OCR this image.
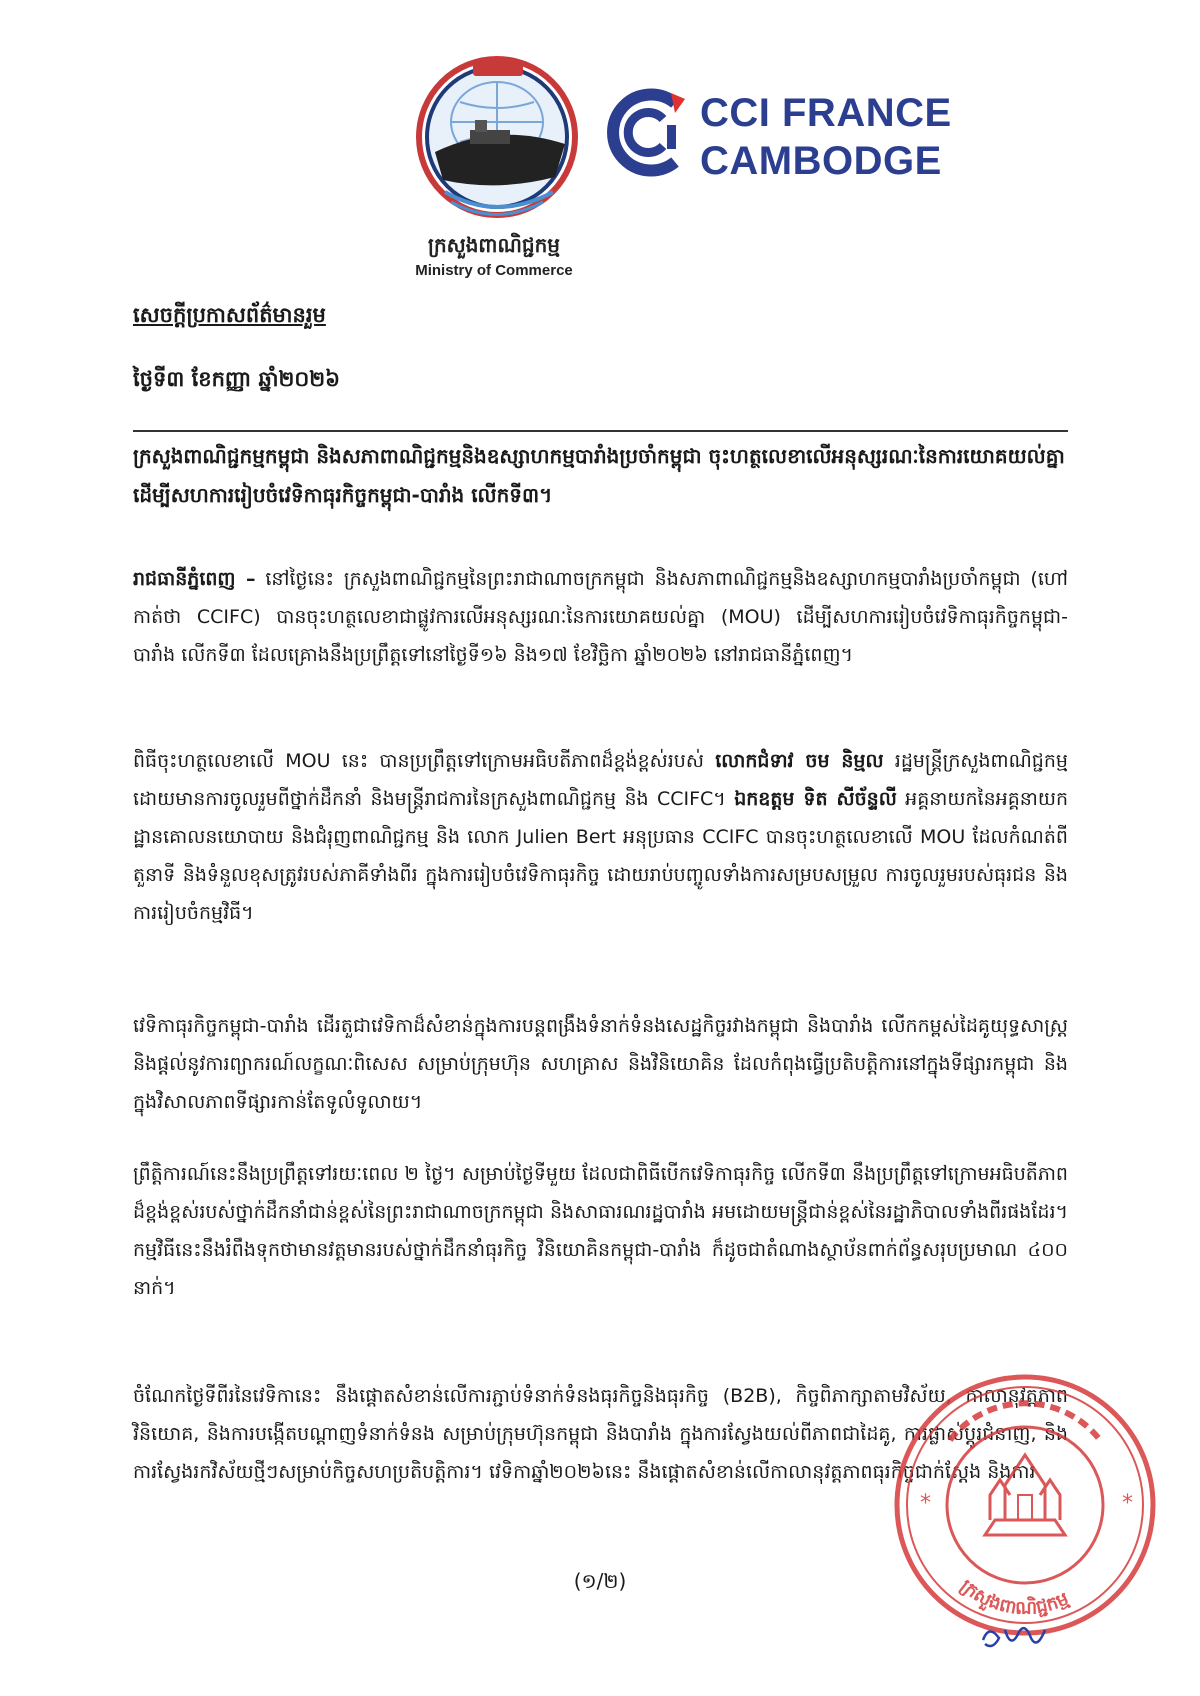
ក្រសួងពាណិជ្ជកម្ម
Ministry of Commerce
CCI FRANCE
CAMBODGE
សេចក្តីប្រកាសព័ត៌មានរួម
ថ្ងៃទី៣ ខែកញ្ញា ឆ្នាំ២០២៦
ក្រសួងពាណិជ្ជកម្មកម្ពុជា និងសភាពាណិជ្ជកម្មនិងឧស្សាហកម្មបារាំងប្រចាំកម្ពុជា ចុះហត្ថលេខាលើអនុស្សរណៈនៃការយោគយល់គ្នា ដើម្បីសហការរៀបចំវេទិកាធុរកិច្ចកម្ពុជា-បារាំង លើកទី៣។
រាជធានីភ្នំពេញ – នៅថ្ងៃនេះ ក្រសួងពាណិជ្ជកម្មនៃព្រះរាជាណាចក្រកម្ពុជា និងសភាពាណិជ្ជកម្មនិងឧស្សាហកម្មបារាំងប្រចាំកម្ពុជា (ហៅកាត់ថា CCIFC) បានចុះហត្ថលេខាជាផ្លូវការលើអនុស្សរណៈនៃការយោគយល់គ្នា (MOU) ដើម្បីសហការរៀបចំវេទិកាធុរកិច្ចកម្ពុជា-បារាំង លើកទី៣ ដែលគ្រោងនឹងប្រព្រឹត្តទៅនៅថ្ងៃទី១៦ និង១៧ ខែវិច្ឆិកា ឆ្នាំ២០២៦ នៅរាជធានីភ្នំពេញ។
ពិធីចុះហត្ថលេខាលើ MOU នេះ បានប្រព្រឹត្តទៅក្រោមអធិបតីភាពដ៏ខ្ពង់ខ្ពស់របស់ លោកជំទាវ ចម និម្មល រដ្ឋមន្ត្រីក្រសួងពាណិជ្ជកម្ម ដោយមានការចូលរួមពីថ្នាក់ដឹកនាំ និងមន្ត្រីរាជការនៃក្រសួងពាណិជ្ជកម្ម និង CCIFC។ ឯកឧត្តម ទិត សីច័ន្ទលី អគ្គនាយកនៃអគ្គនាយកដ្ឋានគោលនយោបាយ និងជំរុញពាណិជ្ជកម្ម និង លោក Julien Bert អនុប្រធាន CCIFC បានចុះហត្ថលេខាលើ MOU ដែលកំណត់ពីតួនាទី និងទំនួលខុសត្រូវរបស់ភាគីទាំងពីរ ក្នុងការរៀបចំវេទិកាធុរកិច្ច ដោយរាប់បញ្ចូលទាំងការសម្របសម្រួល ការចូលរួមរបស់ធុរជន និងការរៀបចំកម្មវិធី។
វេទិកាធុរកិច្ចកម្ពុជា-បារាំង ដើរតួជាវេទិកាដ៏សំខាន់ក្នុងការបន្តពង្រឹងទំនាក់ទំនងសេដ្ឋកិច្ចរវាងកម្ពុជា និងបារាំង លើកកម្ពស់ដៃគូយុទ្ធសាស្ត្រ និងផ្តល់នូវការព្យាករណ៍លក្ខណៈពិសេស សម្រាប់ក្រុមហ៊ុន សហគ្រាស និងវិនិយោគិន ដែលកំពុងធ្វើប្រតិបត្តិការនៅក្នុងទីផ្សារកម្ពុជា និងក្នុងវិសាលភាពទីផ្សារកាន់តែទូលំទូលាយ។
ព្រឹត្តិការណ៍នេះនឹងប្រព្រឹត្តទៅរយៈពេល ២ ថ្ងៃ។ សម្រាប់ថ្ងៃទីមួយ ដែលជាពិធីបើកវេទិកាធុរកិច្ច លើកទី៣ នឹងប្រព្រឹត្តទៅក្រោមអធិបតីភាពដ៏ខ្ពង់ខ្ពស់របស់ថ្នាក់ដឹកនាំជាន់ខ្ពស់នៃព្រះរាជាណាចក្រកម្ពុជា និងសាធារណរដ្ឋបារាំង អមដោយមន្ត្រីជាន់ខ្ពស់នៃរដ្ឋាភិបាលទាំងពីរផងដែរ។ កម្មវិធីនេះនឹងរំពឹងទុកថាមានវត្តមានរបស់ថ្នាក់ដឹកនាំធុរកិច្ច វិនិយោគិនកម្ពុជា-បារាំង ក៏ដូចជាតំណាងស្ថាប័នពាក់ព័ន្ធសរុបប្រមាណ ៤០០ នាក់។
ចំណែកថ្ងៃទីពីរនៃវេទិកានេះ នឹងផ្តោតសំខាន់លើការភ្ជាប់ទំនាក់ទំនងធុរកិច្ចនិងធុរកិច្ច (B2B), កិច្ចពិភាក្សាតាមវិស័យ, កាលានុវត្តភាពវិនិយោគ, និងការបង្កើតបណ្តាញទំនាក់ទំនង សម្រាប់ក្រុមហ៊ុនកម្ពុជា និងបារាំង ក្នុងការស្វែងយល់ពីភាពជាដៃគូ, ការផ្លាស់ប្តូរជំនាញ, និងការស្វែងរកវិស័យថ្មីៗសម្រាប់កិច្ចសហប្រតិបត្តិការ។ វេទិកាឆ្នាំ២០២៦នេះ នឹងផ្តោតសំខាន់លើកាលានុវត្តភាពធុរកិច្ចជាក់ស្តែង និងការ
(១/២)
*	*
ក្រសួងពាណិជ្ជកម្ម
